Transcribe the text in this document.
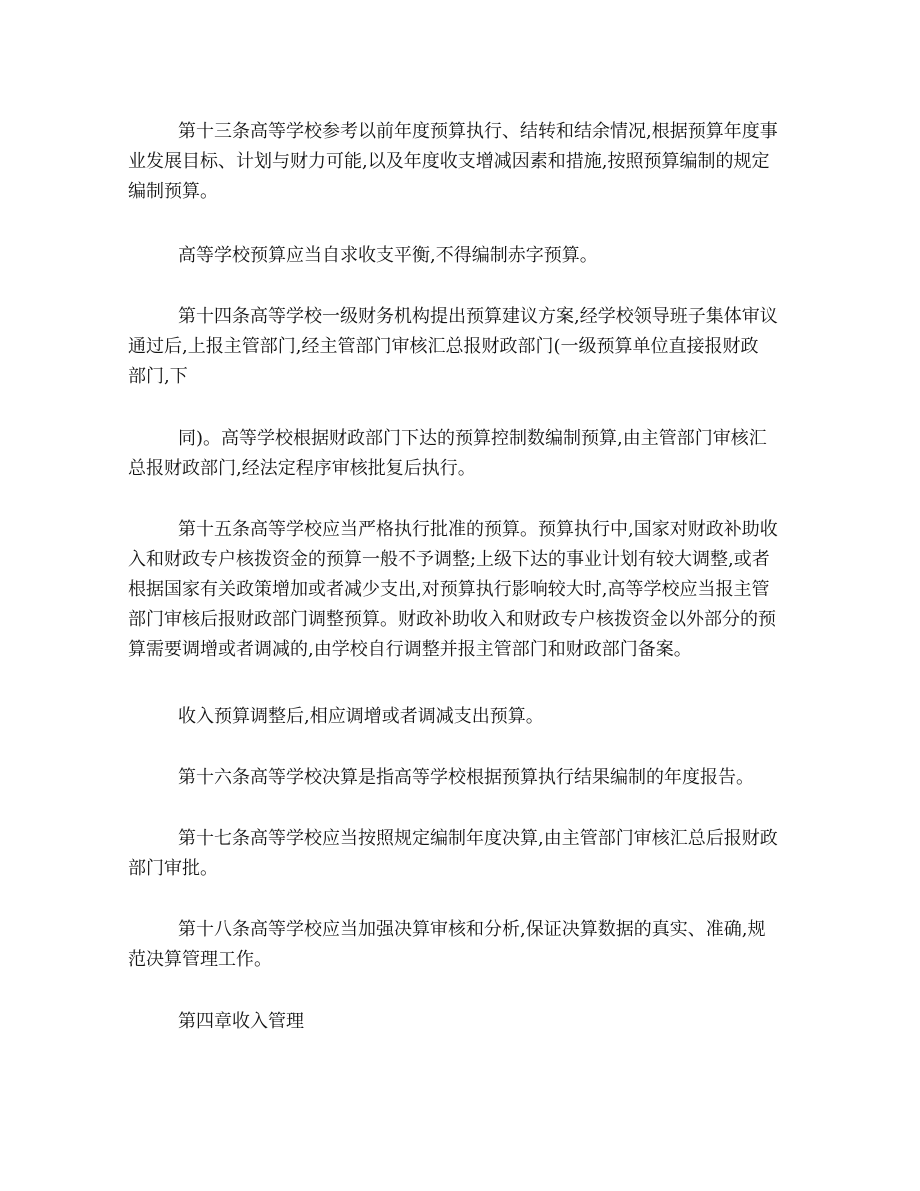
第十三条高等学校参考以前年度预算执行、结转和结余情况,根据预算年度事
业发展目标、计划与财力可能,以及年度收支增减因素和措施,按照预算编制的规定
编制预算。

高等学校预算应当自求收支平衡,不得编制赤字预算。

第十四条高等学校一级财务机构提出预算建议方案,经学校领导班子集体审议
通过后,上报主管部门,经主管部门审核汇总报财政部门(一级预算单位直接报财政
部门,下

同)。高等学校根据财政部门下达的预算控制数编制预算,由主管部门审核汇
总报财政部门,经法定程序审核批复后执行。

第十五条高等学校应当严格执行批准的预算。预算执行中,国家对财政补助收
入和财政专户核拨资金的预算一般不予调整;上级下达的事业计划有较大调整,或者
根据国家有关政策增加或者减少支出,对预算执行影响较大时,高等学校应当报主管
部门审核后报财政部门调整预算。财政补助收入和财政专户核拨资金以外部分的预
算需要调增或者调减的,由学校自行调整并报主管部门和财政部门备案。

收入预算调整后,相应调增或者调减支出预算。

第十六条高等学校决算是指高等学校根据预算执行结果编制的年度报告。

第十七条高等学校应当按照规定编制年度决算,由主管部门审核汇总后报财政
部门审批。

第十八条高等学校应当加强决算审核和分析,保证决算数据的真实、准确,规
范决算管理工作。

第四章收入管理
